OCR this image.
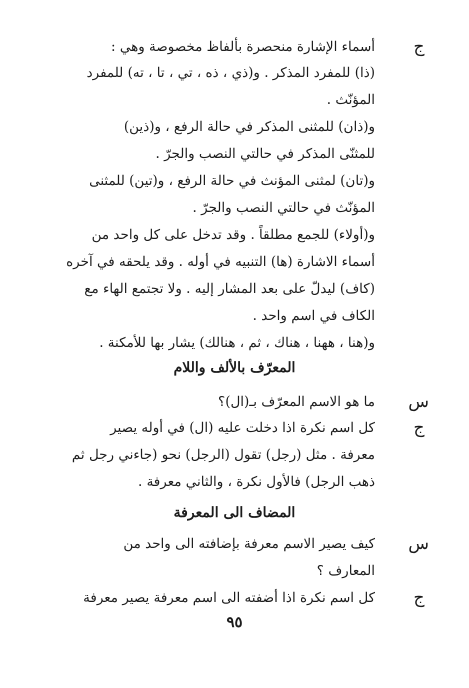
ج
أسماء الإشارة منحصرة بألفاظ مخصوصة وهي :
(ذا) للمفرد المذكر . و(ذي ، ذه ، تي ، تا ، ته) للمفرد
المؤنّث .
و(ذان) للمثنى المذكر في حالة الرفع ، و(ذين)
للمثنّى المذكر في حالتي النصب والجرّ .
و(تان) لمثنى المؤنث في حالة الرفع ، و(تين) للمثنى
المؤنّث في حالتي النصب والجرّ .
و(أولاء) للجمع مطلقاً . وقد تدخل على كل واحد من
أسماء الاشارة (ها) التنبيه في أوله . وقد يلحقه في آخره
(كاف) ليدلّ على بعد المشار إليه . ولا تجتمع الهاء مع
الكاف في اسم واحد .
و(هنا ، ههنا ، هناك ، ثم ، هنالك) يشار بها للأمكنة .
المعرّف بالألف واللام
س
ما هو الاسم المعرّف بـ(ال)؟
ج
كل اسم نكرة اذا دخلت عليه (ال) في أوله يصير
معرفة . مثل (رجل) تقول (الرجل) نحو (جاءني رجل ثم
ذهب الرجل) فالأول نكرة ، والثاني معرفة .
المضاف الى المعرفة
س
كيف يصير الاسم معرفة بإضافته الى واحد من
المعارف ؟
ج
كل اسم نكرة اذا أضفته الى اسم معرفة يصير معرفة
٩٥
